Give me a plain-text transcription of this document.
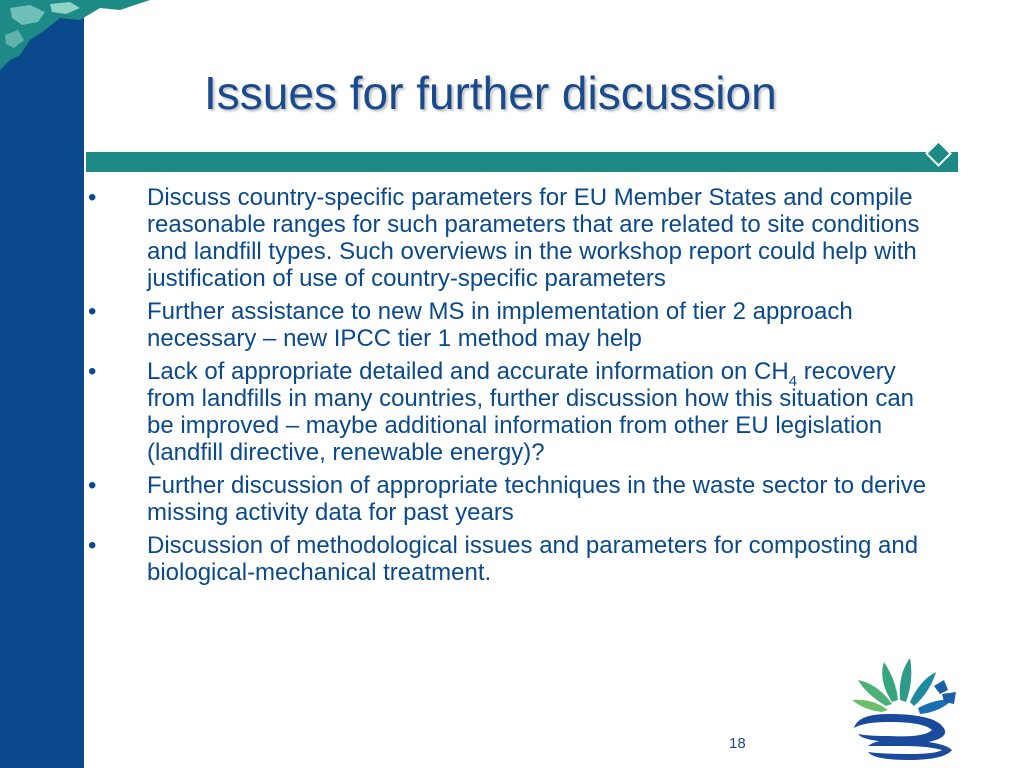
Issues for further discussion
• Discuss country-specific parameters for EU Member States and compile reasonable ranges for such parameters that are related to site conditions and landfill types. Such overviews in the workshop report could help with justification of use of country-specific parameters
• Further assistance to new MS in implementation of tier 2 approach necessary – new IPCC tier 1 method may help
• Lack of appropriate detailed and accurate information on $CH_4$ recovery from landfills in many countries, further discussion how this situation can be improved – maybe additional information from other EU legislation (landfill directive, renewable energy)?
• Further discussion of appropriate techniques in the waste sector to derive missing activity data for past years
• Discussion of methodological issues and parameters for composting and biological-mechanical treatment.
18
